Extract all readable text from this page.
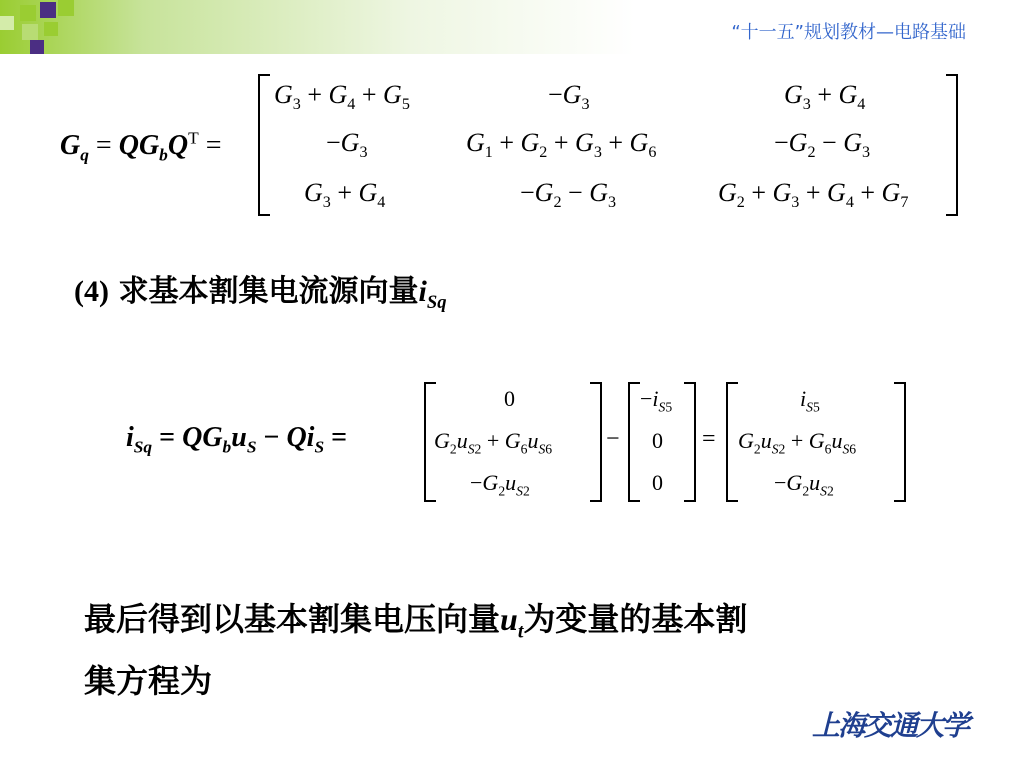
“十一五”规划教材—电路基础
$G_q = QG_bQ^T$ =
$G_3 + G_4 + G_5$	$-G_3$	$G_3 + G_4$
$-G_3$	$G_1 + G_2 + G_3 + G_6$	$-G_2 - G_3$
$G_3 + G_4$	$-G_2 - G_3$	$G_2 + G_3 + G_4 + G_7$
(4) 求基本割集电流源向量$i_{Sq}$
$i_{Sq} = QG_bu_S - Qi_S$ =
0
$G_2u_{S2} + G_6u_{S6}$
$-G_2u_{S2}$
−
$-i_{S5}$
0
0
=
$i_{S5}$
$G_2u_{S2} + G_6u_{S6}$
$-G_2u_{S2}$
最后得到以基本割集电压向量$u_t$为变量的基本割
集方程为
上海交通大学
